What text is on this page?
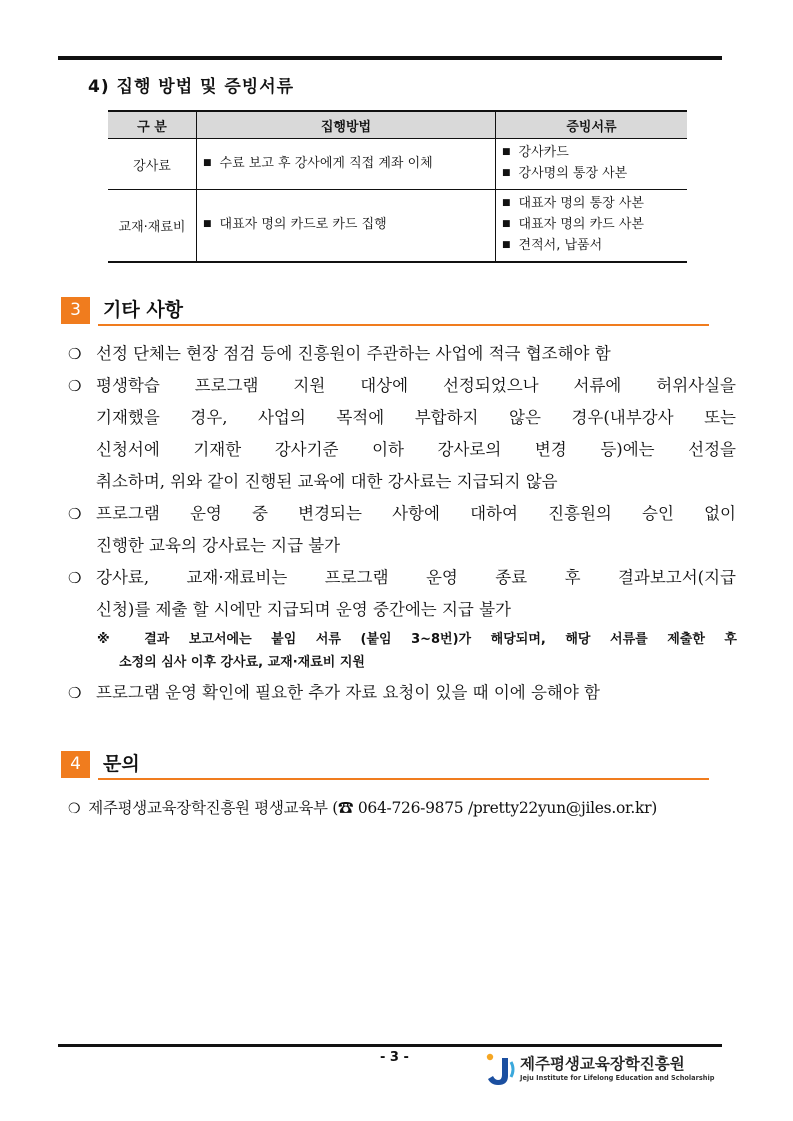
4) 집행 방법 및 증빙서류
구 분	집행방법	증빙서류
강사료	■ 수료 보고 후 강사에게 직접 계좌 이체	■ 강사카드
■ 강사명의 통장 사본

교재·재료비	■ 대표자 명의 카드로 카드 집행	■ 대표자 명의 통장 사본
■ 대표자 명의 카드 사본
■ 견적서, 납품서
3	기타 사항
❍ 선정 단체는 현장 점검 등에 진흥원이 주관하는 사업에 적극 협조해야 함
❍ 평생학습 프로그램 지원 대상에 선정되었으나 서류에 허위사실을
기재했을 경우, 사업의 목적에 부합하지 않은 경우(내부강사 또는
신청서에 기재한 강사기준 이하 강사로의 변경 등)에는 선정을
취소하며, 위와 같이 진행된 교육에 대한 강사료는 지급되지 않음
❍ 프로그램 운영 중 변경되는 사항에 대하여 진흥원의 승인 없이
진행한 교육의 강사료는 지급 불가
❍ 강사료, 교재·재료비는 프로그램 운영 종료 후 결과보고서(지급
신청)를 제출 할 시에만 지급되며 운영 중간에는 지급 불가
※ 결과 보고서에는 붙임 서류 (붙임 3~8번)가 해당되며, 해당 서류를 제출한 후
소정의 심사 이후 강사료, 교재·재료비 지원
❍ 프로그램 운영 확인에 필요한 추가 자료 요청이 있을 때 이에 응해야 함
4	문의
❍ 제주평생교육장학진흥원 평생교육부 (☎ 064-726-9875 /pretty22yun@jiles.or.kr)
- 3 -	제주평생교육장학진흥원
Jeju Institute for Lifelong Education and Scholarship
